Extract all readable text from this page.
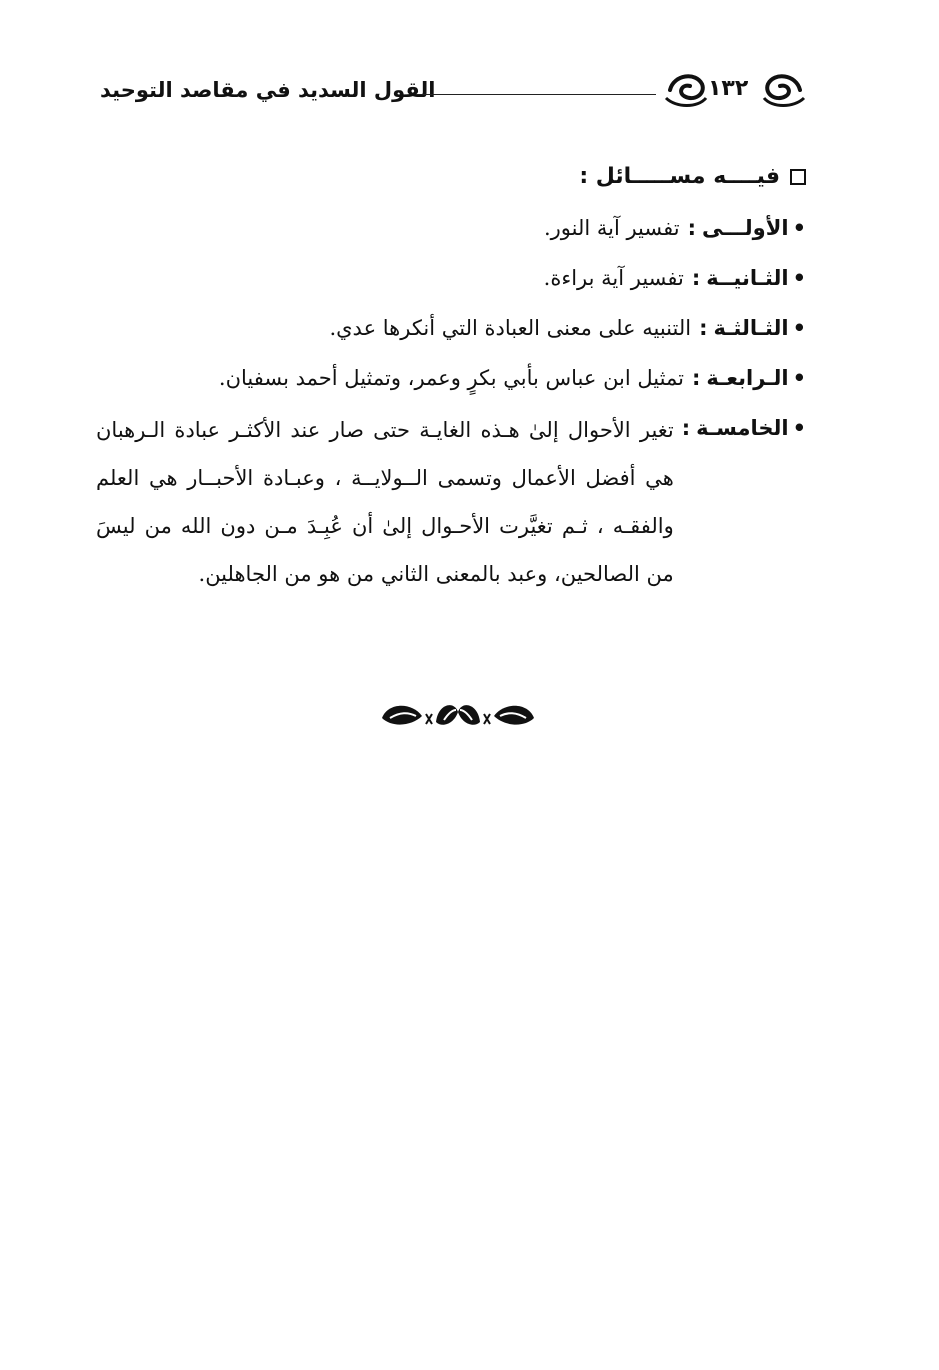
القول السديد في مقاصد التوحيد	١٣٢
فيــــه مســـــائل :
•الأولـــى:
تفسير آية النور.
•الثـانيــة:
تفسير آية براءة.
•الثـالثـة:
التنبيه على معنى العبادة التي أنكرها عدي.
•الـرابعـة:
تمثيل ابن عباس بأبي بكرٍ وعمر، وتمثيل أحمد بسفيان.
•الخامسـة:
تغير الأحوال إلىٰ هـذه الغايـة حتى صار عند الأكثـر عبادة الـرهبان هي أفضل الأعمال وتسمى الــولايــة ، وعبـادة الأحبــار هي العلم والفقـه ، ثـم تغيَّرت الأحـوال إلىٰ أن عُبِـدَ مـن دون الله من ليسَ من الصالحين، وعبد بالمعنى الثاني من هو من الجاهلين.
